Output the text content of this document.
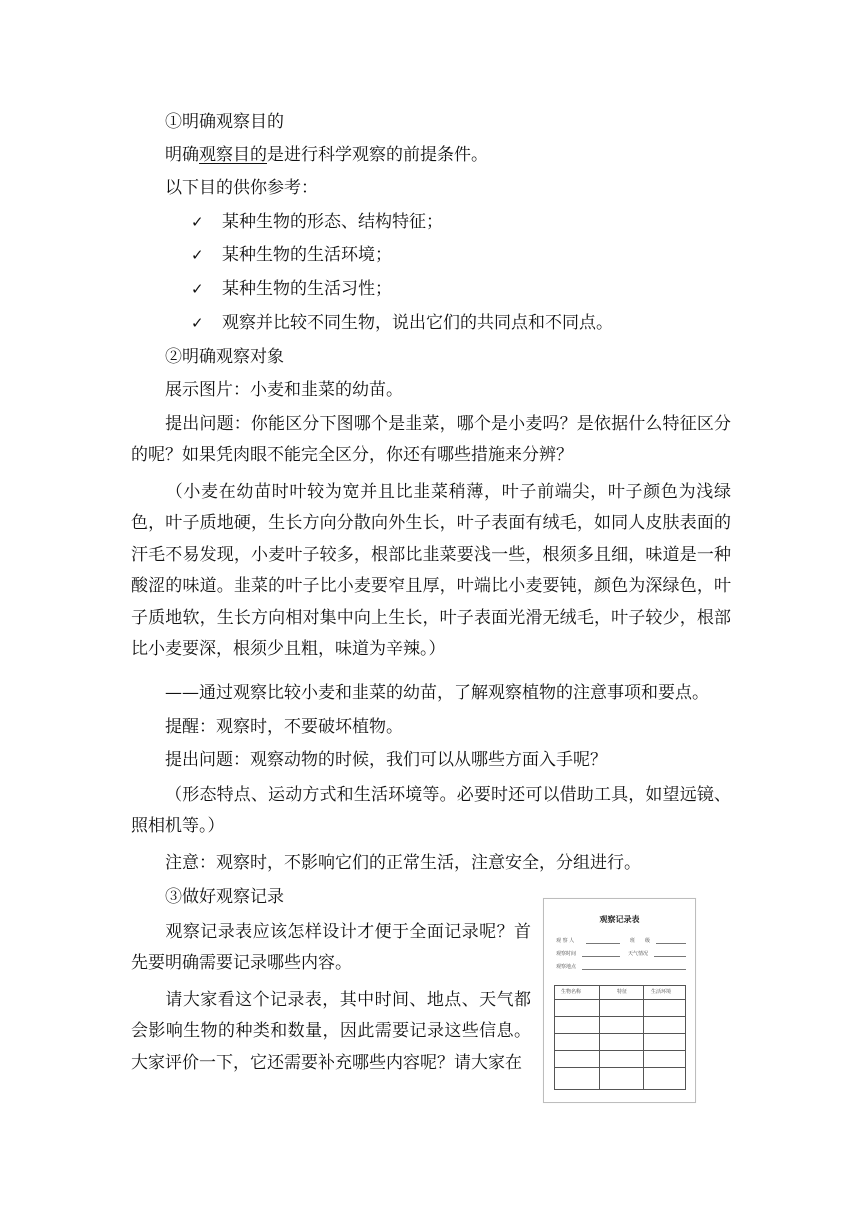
①明确观察目的
明确观察目的是进行科学观察的前提条件。
以下目的供你参考：
✓ 某种生物的形态、结构特征；
✓ 某种生物的生活环境；
✓ 某种生物的生活习性；
✓ 观察并比较不同生物，说出它们的共同点和不同点。
②明确观察对象
展示图片：小麦和韭菜的幼苗。
提出问题：你能区分下图哪个是韭菜，哪个是小麦吗？是依据什么特征区分的呢？如果凭肉眼不能完全区分，你还有哪些措施来分辨？
（小麦在幼苗时叶较为宽并且比韭菜稍薄，叶子前端尖，叶子颜色为浅绿色，叶子质地硬，生长方向分散向外生长，叶子表面有绒毛，如同人皮肤表面的汗毛不易发现，小麦叶子较多，根部比韭菜要浅一些，根须多且细，味道是一种酸涩的味道。韭菜的叶子比小麦要窄且厚，叶端比小麦要钝，颜色为深绿色，叶子质地软，生长方向相对集中向上生长，叶子表面光滑无绒毛，叶子较少，根部比小麦要深，根须少且粗，味道为辛辣。）
——通过观察比较小麦和韭菜的幼苗，了解观察植物的注意事项和要点。
提醒：观察时，不要破坏植物。
提出问题：观察动物的时候，我们可以从哪些方面入手呢？
（形态特点、运动方式和生活环境等。必要时还可以借助工具，如望远镜、照相机等。）
注意：观察时，不影响它们的正常生活，注意安全，分组进行。
③做好观察记录
观察记录表应该怎样设计才便于全面记录呢？首先要明确需要记录哪些内容。
请大家看这个记录表，其中时间、地点、天气都会影响生物的种类和数量，因此需要记录这些信息。大家评价一下，它还需要补充哪些内容呢？请大家在
观察记录表
观 察 人	班　　级
观察时间	天气情况
观察地点
生物名称	特征	生活环境
